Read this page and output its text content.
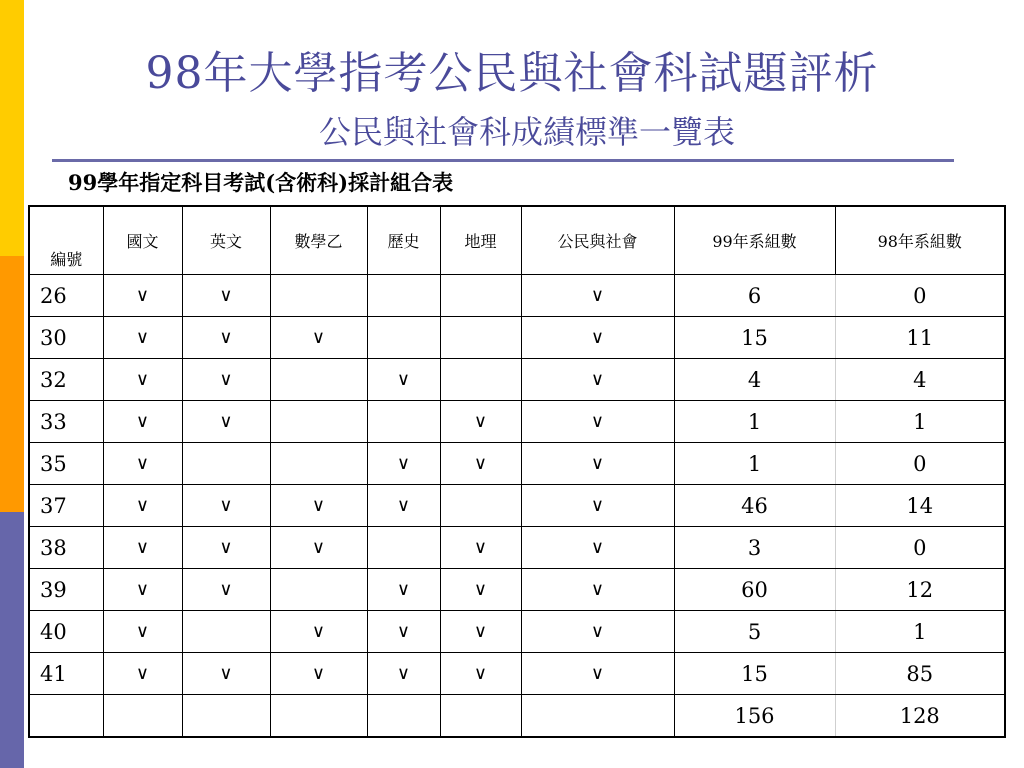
98年大學指考公民與社會科試題評析
公民與社會科成績標準一覽表
99學年指定科目考試(含術科)採計組合表
編號	國文	英文	數學乙	歷史	地理	公民與社會	99年系組數	98年系組數
26	∨	∨				∨	6	0
30	∨	∨	∨			∨	15	11
32	∨	∨		∨		∨	4	4
33	∨	∨			∨	∨	1	1
35	∨			∨	∨	∨	1	0
37	∨	∨	∨	∨		∨	46	14
38	∨	∨	∨		∨	∨	3	0
39	∨	∨		∨	∨	∨	60	12
40	∨		∨	∨	∨	∨	5	1
41	∨	∨	∨	∨	∨	∨	15	85
							156	128
